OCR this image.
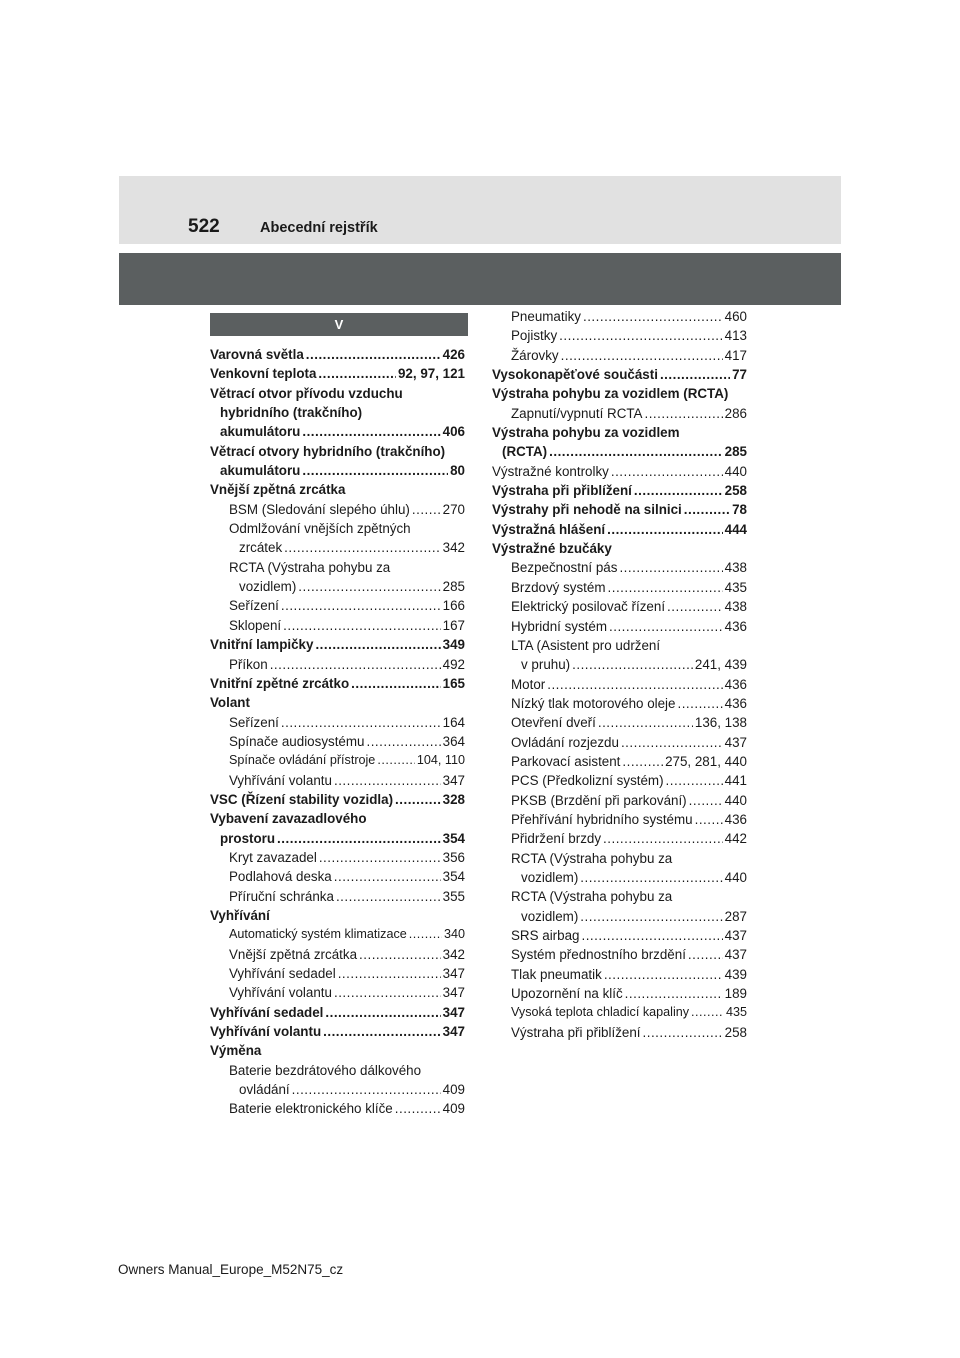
522	Abecední rejstřík
V
Varovná světla .....	426
Venkovní teplota .....	92, 97, 121
Větrací otvor přívodu vzduchu
hybridního (trakčního)
akumulátoru .....	406
Větrací otvory hybridního (trakčního)
akumulátoru .....	80
Vnější zpětná zrcátka
BSM (Sledování slepého úhlu) ..... 270
Odmlžování vnějších zpětných
zrcátek .....	342
RCTA (Výstraha pohybu za
vozidlem) .....	285
Seřízení .....	166
Sklopení .....	167
Vnitřní lampičky .....	349
Příkon .....	492
Vnitřní zpětné zrcátko .....	165
Volant
Seřízení .....	164
Spínače audiosystému .....	364
Spínače ovládání přístroje .....	104, 110
Vyhřívání volantu .....	347
VSC (Řízení stability vozidla) .....	328
Vybavení zavazadlového
prostoru .....	354
Kryt zavazadel .....	356
Podlahová deska .....	354
Příruční schránka .....	355
Vyhřívání
Automatický systém klimatizace .....	340
Vnější zpětná zrcátka .....	342
Vyhřívání sedadel .....	347
Vyhřívání volantu .....	347
Vyhřívání sedadel .....	347
Vyhřívání volantu .....	347
Výměna
Baterie bezdrátového dálkového
ovládání .....	409
Baterie elektronického klíče .....	409
Pneumatiky .....	460
Pojistky .....	413
Žárovky .....	417
Vysokonapěťové součásti .....	77
Výstraha pohybu za vozidlem (RCTA)
Zapnutí/vypnutí RCTA .....	286
Výstraha pohybu za vozidlem
(RCTA) .....	285
Výstražné kontrolky .....	440
Výstraha při přiblížení .....	258
Výstrahy při nehodě na silnici .....	78
Výstražná hlášení .....	444
Výstražné bzučáky
Bezpečnostní pás .....	438
Brzdový systém .....	435
Elektrický posilovač řízení .....	438
Hybridní systém .....	436
LTA (Asistent pro udržení
v pruhu) .....	241, 439
Motor .....	436
Nízký tlak motorového oleje .....	436
Otevření dveří .....	136, 138
Ovládání rozjezdu .....	437
Parkovací asistent .....	275, 281, 440
PCS (Předkolizní systém) .....	441
PKSB (Brzdění při parkování) .....	440
Přehřívání hybridního systému ..... 436
Přidržení brzdy .....	442
RCTA (Výstraha pohybu za
vozidlem) .....	440
RCTA (Výstraha pohybu za
vozidlem) .....	287
SRS airbag .....	437
Systém přednostního brzdění .....	437
Tlak pneumatik .....	439
Upozornění na klíč .....	189
Vysoká teplota chladicí kapaliny .....	435
Výstraha při přiblížení .....	258
Owners Manual_Europe_M52N75_cz
